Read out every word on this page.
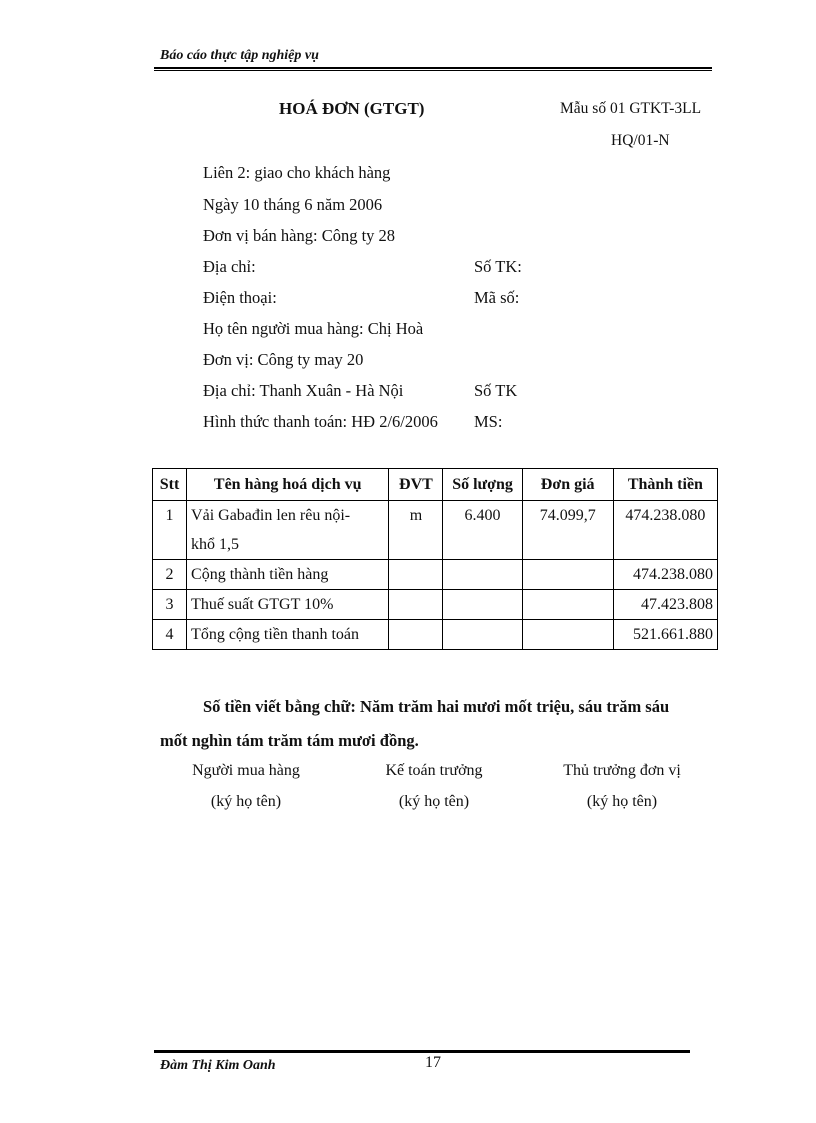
Báo cáo thực tập nghiệp vụ
HOÁ ĐƠN (GTGT)	Mẫu số 01 GTKT-3LL
HQ/01-N
Liên 2: giao cho khách hàng
Ngày 10 tháng 6 năm 2006
Đơn vị bán hàng: Công ty 28
Địa chỉ:	Số TK:
Điện thoại:	Mã số:
Họ tên người mua hàng: Chị Hoà
Đơn vị: Công ty may 20
Địa chỉ: Thanh Xuân - Hà Nội	Số TK
Hình thức thanh toán: HĐ 2/6/2006 MS:
Stt	Tên hàng hoá dịch vụ	ĐVT	Số lượng	Đơn giá	Thành tiền
1	Vải Gabađin len rêu nội-
khổ 1,5	m	6.400	74.099,7	474.238.080
2	Cộng thành tiền hàng				474.238.080
3	Thuế suất GTGT 10%				47.423.808
4	Tổng cộng tiền thanh toán				521.661.880
Số tiền viết bằng chữ: Năm trăm hai mươi mốt triệu, sáu trăm sáu
mốt nghìn tám trăm tám mươi đồng.
Người mua hàng
(ký họ tên)
Kế toán trưởng
(ký họ tên)
Thủ trưởng đơn vị
(ký họ tên)
Đàm Thị Kim Oanh	17
